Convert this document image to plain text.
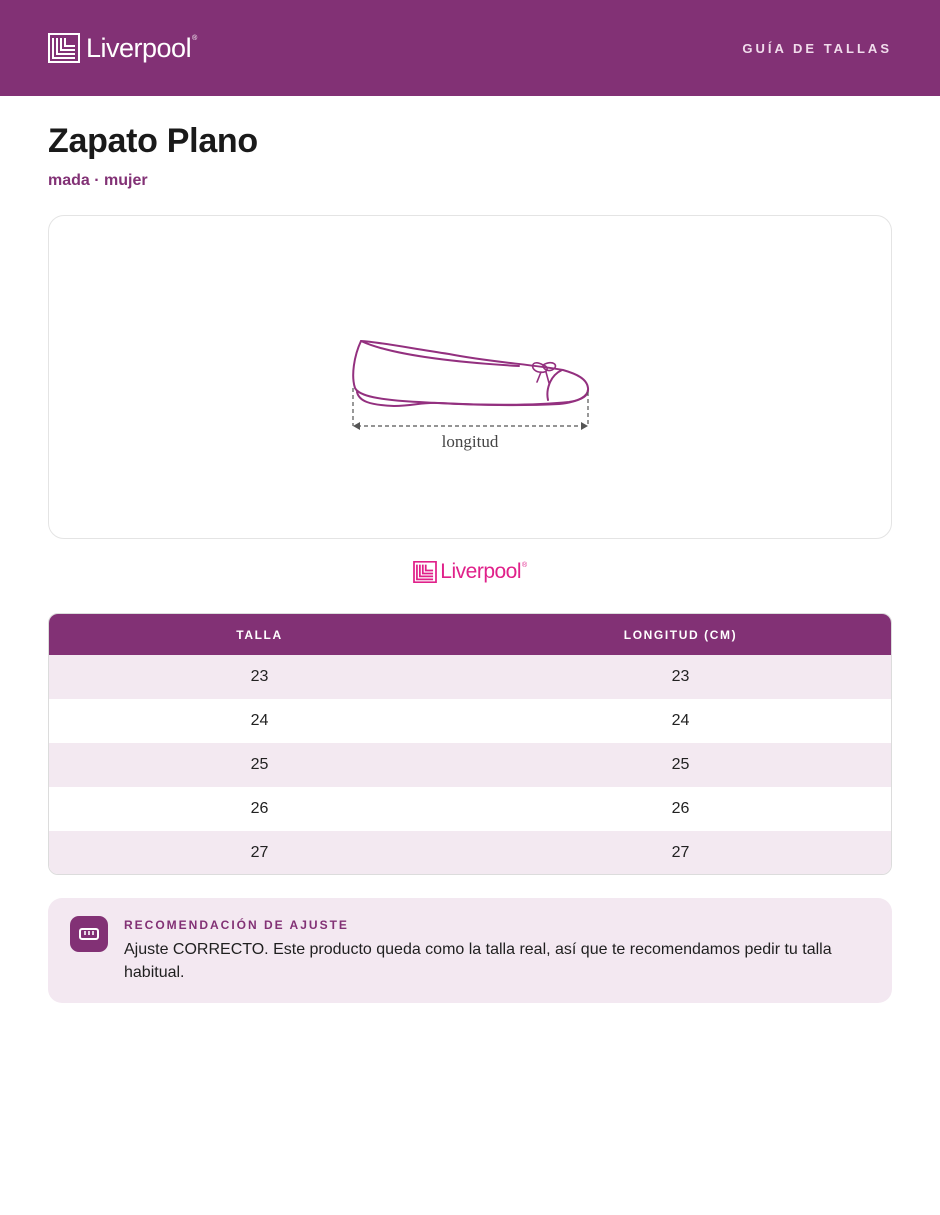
Liverpool®
GUÍA DE TALLAS
Zapato Plano
mada · mujer
longitud
Liverpool®
TALLA	LONGITUD (CM)
23	23
24	24
25	25
26	26
27	27
RECOMENDACIÓN DE AJUSTE

Ajuste CORRECTO. Este producto queda como la talla real, así que te recomendamos pedir tu talla habitual.
